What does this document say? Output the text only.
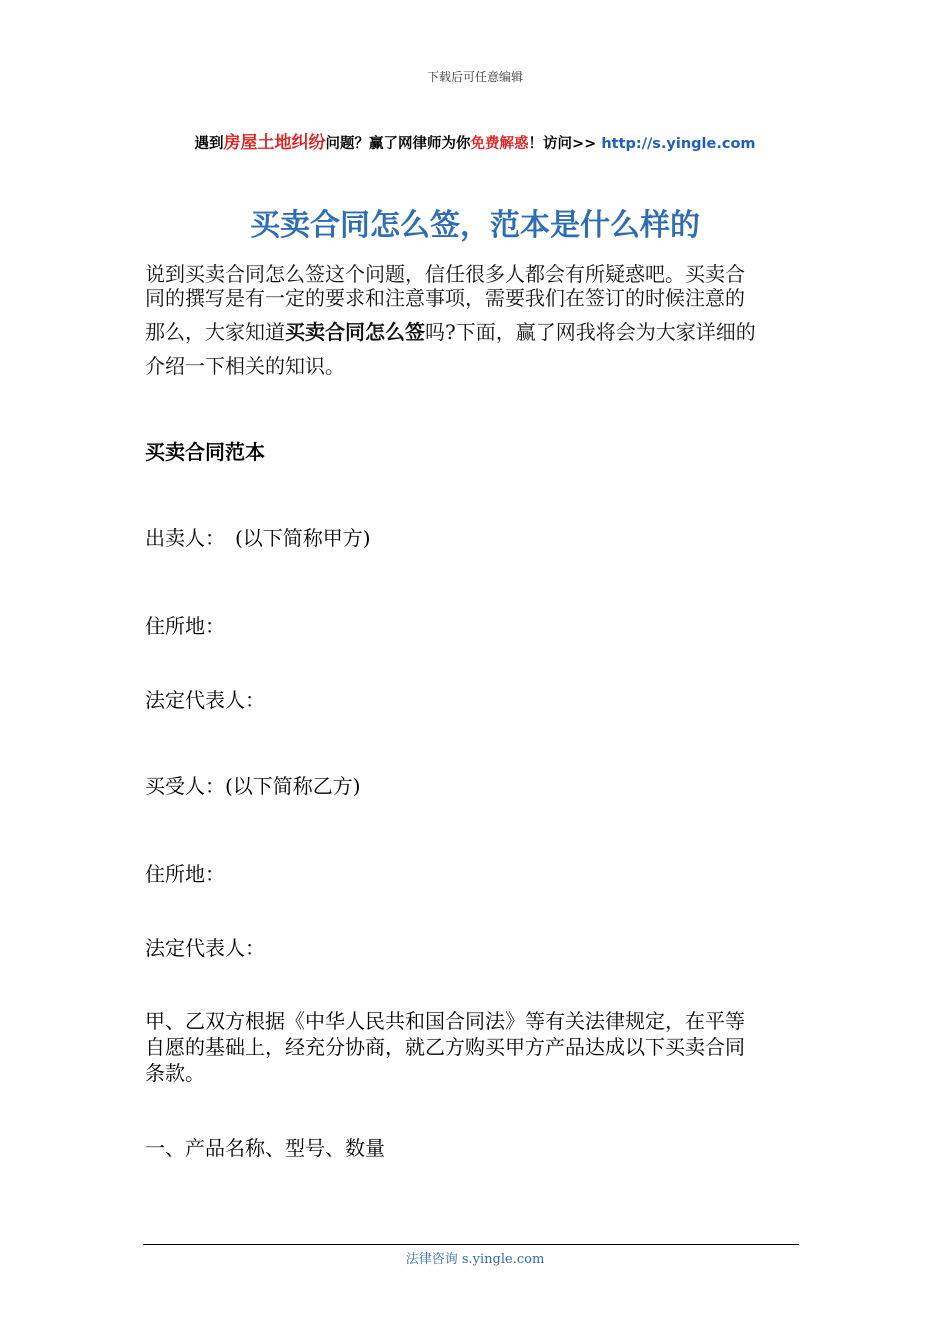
下载后可任意编辑
遇到房屋土地纠纷问题？赢了网律师为你免费解惑！访问>> http://s.yingle.com
买卖合同怎么签，范本是什么样的
说到买卖合同怎么签这个问题，信任很多人都会有所疑惑吧。买卖合
同的撰写是有一定的要求和注意事项，需要我们在签订的时候注意的
那么，大家知道买卖合同怎么签吗?下面，赢了网我将会为大家详细的
介绍一下相关的知识。
买卖合同范本
出卖人：　(以下简称甲方)
住所地：
法定代表人：
买受人：(以下简称乙方)
住所地：
法定代表人：
甲、乙双方根据《中华人民共和国合同法》等有关法律规定，在平等
自愿的基础上，经充分协商，就乙方购买甲方产品达成以下买卖合同
条款。
一、产品名称、型号、数量
法律咨询 s.yingle.com
